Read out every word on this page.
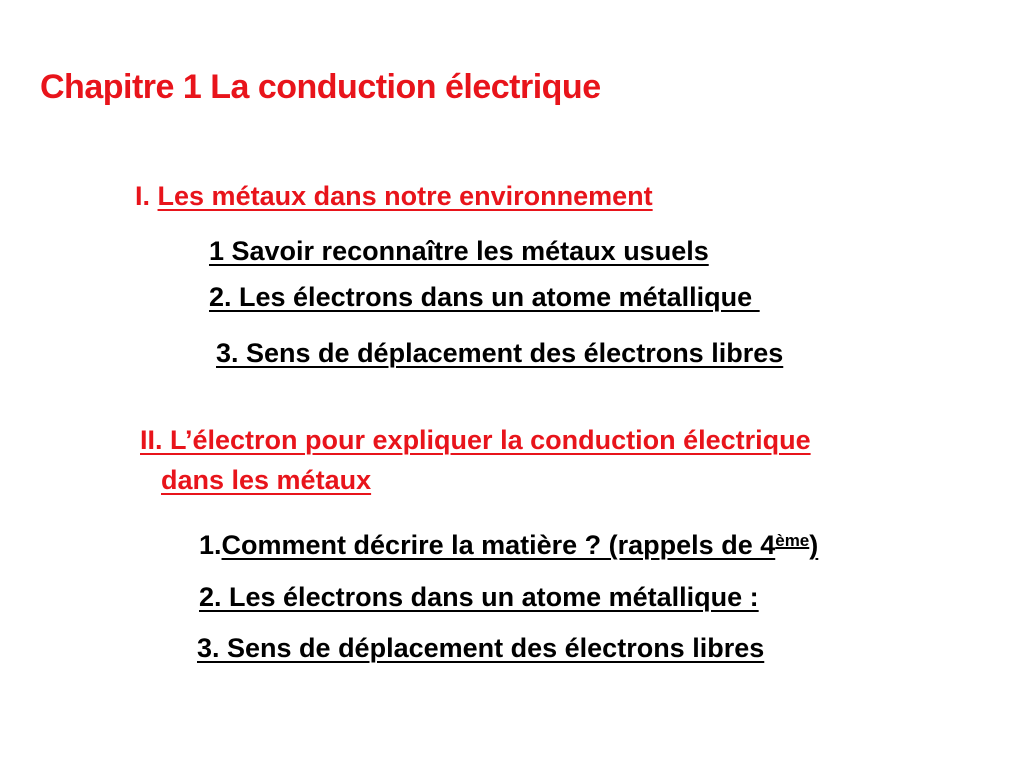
Chapitre 1 La conduction électrique
I. Les métaux dans notre environnement
1 Savoir reconnaître les métaux usuels
2. Les électrons dans un atome métallique
3. Sens de déplacement des électrons libres
II. L’électron pour expliquer la conduction électrique
dans les métaux
1.Comment décrire la matière ? (rappels de 4ème)
2. Les électrons dans un atome métallique :
3. Sens de déplacement des électrons libres
